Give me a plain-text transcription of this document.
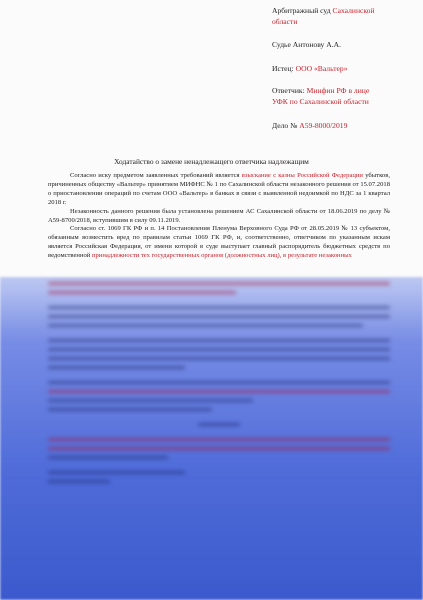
Арбитражный суд Сахалинской
области
Судье Антонову А.А.
Истец: ООО «Вальтер»
Ответчик: Минфин РФ в лице
УФК по Сахалинской области
Дело № А59-8000/2019
Ходатайство о замене ненадлежащего ответчика надлежащим

Согласно иску предметом заявленных требований является взыскание с казны Российской Федерации убытков, причиненных обществу «Вальтер» принятием МИФНС № 1 по Сахалинской области незаконного решения от 15.07.2018 о приостановлении операций по счетам ООО «Вальтер» в банках в связи с выявленной недоимкой по НДС за 1 квартал 2018 г.

Незаконность данного решения была установлена решением АС Сахалинской области от 18.06.2019 по делу № А59-8700/2018, вступившим в силу 09.11.2019.

Согласно ст. 1069 ГК РФ и п. 14 Постановления Пленума Верховного Суда РФ от 28.05.2019 № 13 субъектом, обязанным возместить вред по правилам статьи 1069 ГК РФ, и, соответственно, ответчиком по указанным искам является Российская Федерация, от имени которой в суде выступает главный распорядитель бюджетных средств по ведомственной принадлежности тех государственных органов (должностных лиц), в результате незаконных
